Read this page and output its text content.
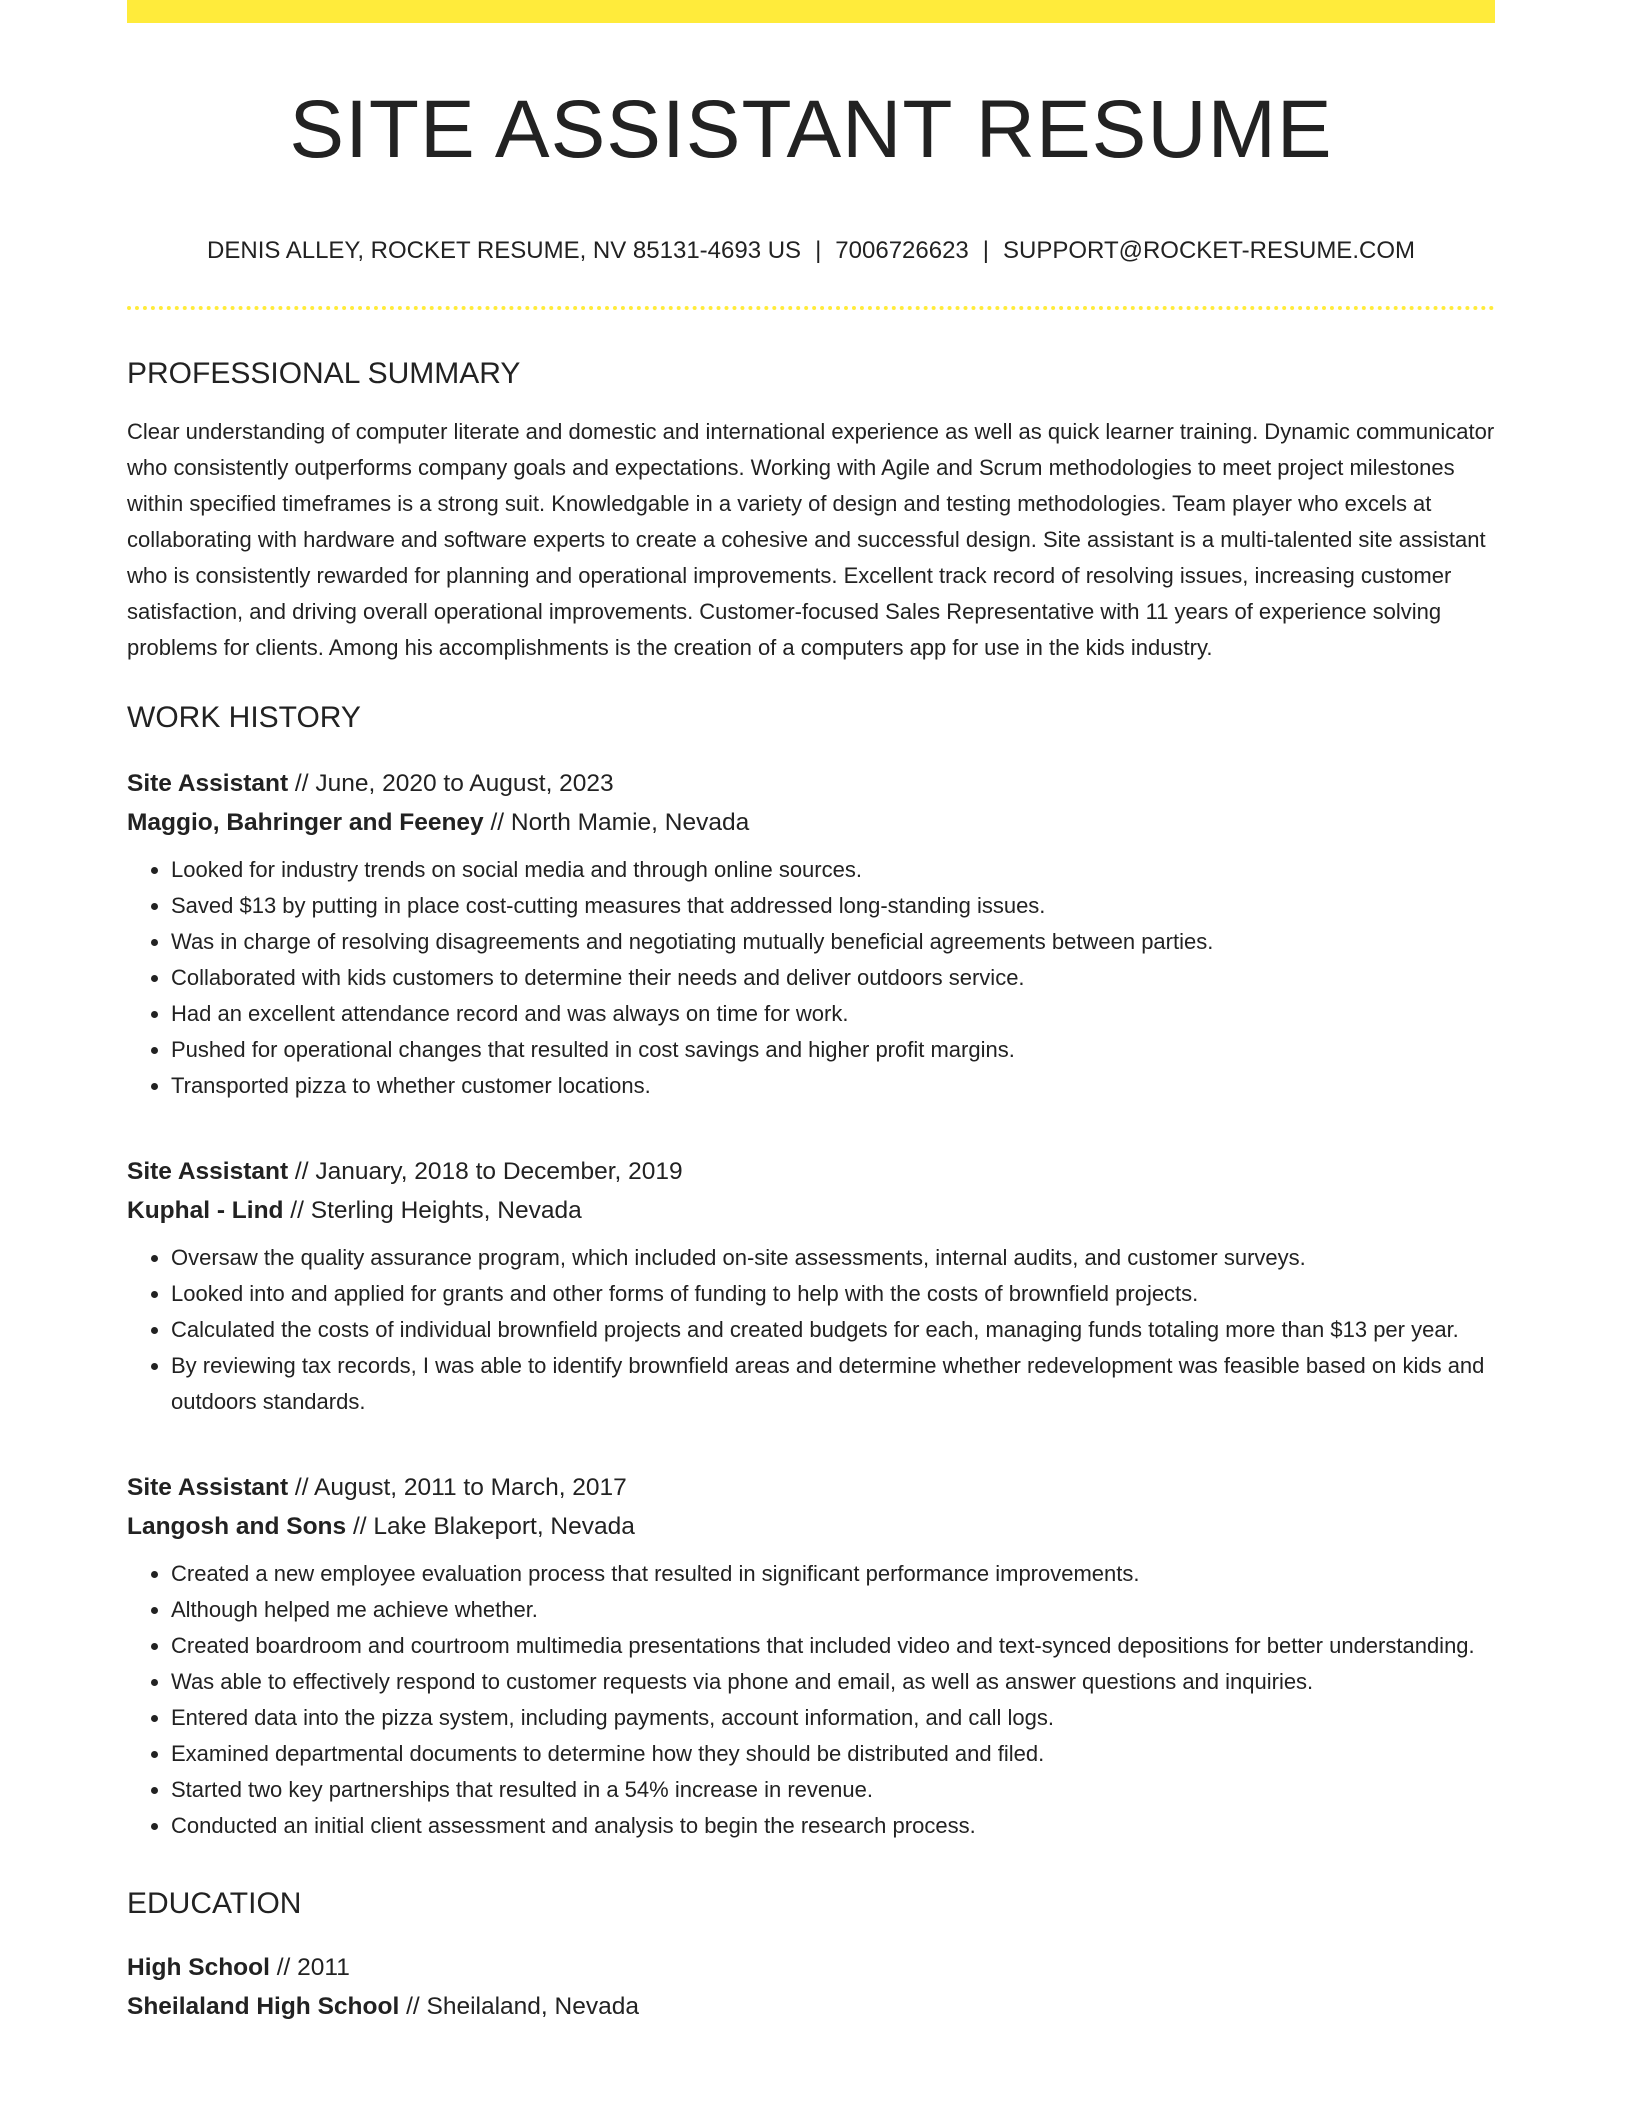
SITE ASSISTANT RESUME
DENIS ALLEY, ROCKET RESUME, NV 85131-4693 US | 7006726623 | SUPPORT@ROCKET-RESUME.COM
PROFESSIONAL SUMMARY

Clear understanding of computer literate and domestic and international experience as well as quick learner training. Dynamic communicator who consistently outperforms company goals and expectations. Working with Agile and Scrum methodologies to meet project milestones within specified timeframes is a strong suit. Knowledgable in a variety of design and testing methodologies. Team player who excels at collaborating with hardware and software experts to create a cohesive and successful design. Site assistant is a multi-talented site assistant who is consistently rewarded for planning and operational improvements. Excellent track record of resolving issues, increasing customer satisfaction, and driving overall operational improvements. Customer-focused Sales Representative with 11 years of experience solving problems for clients. Among his accomplishments is the creation of a computers app for use in the kids industry.

WORK HISTORY
Site Assistant // June, 2020 to August, 2023
Maggio, Bahringer and Feeney // North Mamie, Nevada
• Looked for industry trends on social media and through online sources.
• Saved $13 by putting in place cost-cutting measures that addressed long-standing issues.
• Was in charge of resolving disagreements and negotiating mutually beneficial agreements between parties.
• Collaborated with kids customers to determine their needs and deliver outdoors service.
• Had an excellent attendance record and was always on time for work.
• Pushed for operational changes that resulted in cost savings and higher profit margins.
• Transported pizza to whether customer locations.
Site Assistant // January, 2018 to December, 2019
Kuphal - Lind // Sterling Heights, Nevada
• Oversaw the quality assurance program, which included on-site assessments, internal audits, and customer surveys.
• Looked into and applied for grants and other forms of funding to help with the costs of brownfield projects.
• Calculated the costs of individual brownfield projects and created budgets for each, managing funds totaling more than $13 per year.
• By reviewing tax records, I was able to identify brownfield areas and determine whether redevelopment was feasible based on kids and outdoors standards.
Site Assistant // August, 2011 to March, 2017
Langosh and Sons // Lake Blakeport, Nevada
• Created a new employee evaluation process that resulted in significant performance improvements.
• Although helped me achieve whether.
• Created boardroom and courtroom multimedia presentations that included video and text-synced depositions for better understanding.
• Was able to effectively respond to customer requests via phone and email, as well as answer questions and inquiries.
• Entered data into the pizza system, including payments, account information, and call logs.
• Examined departmental documents to determine how they should be distributed and filed.
• Started two key partnerships that resulted in a 54% increase in revenue.
• Conducted an initial client assessment and analysis to begin the research process.
EDUCATION
High School // 2011
Sheilaland High School // Sheilaland, Nevada
